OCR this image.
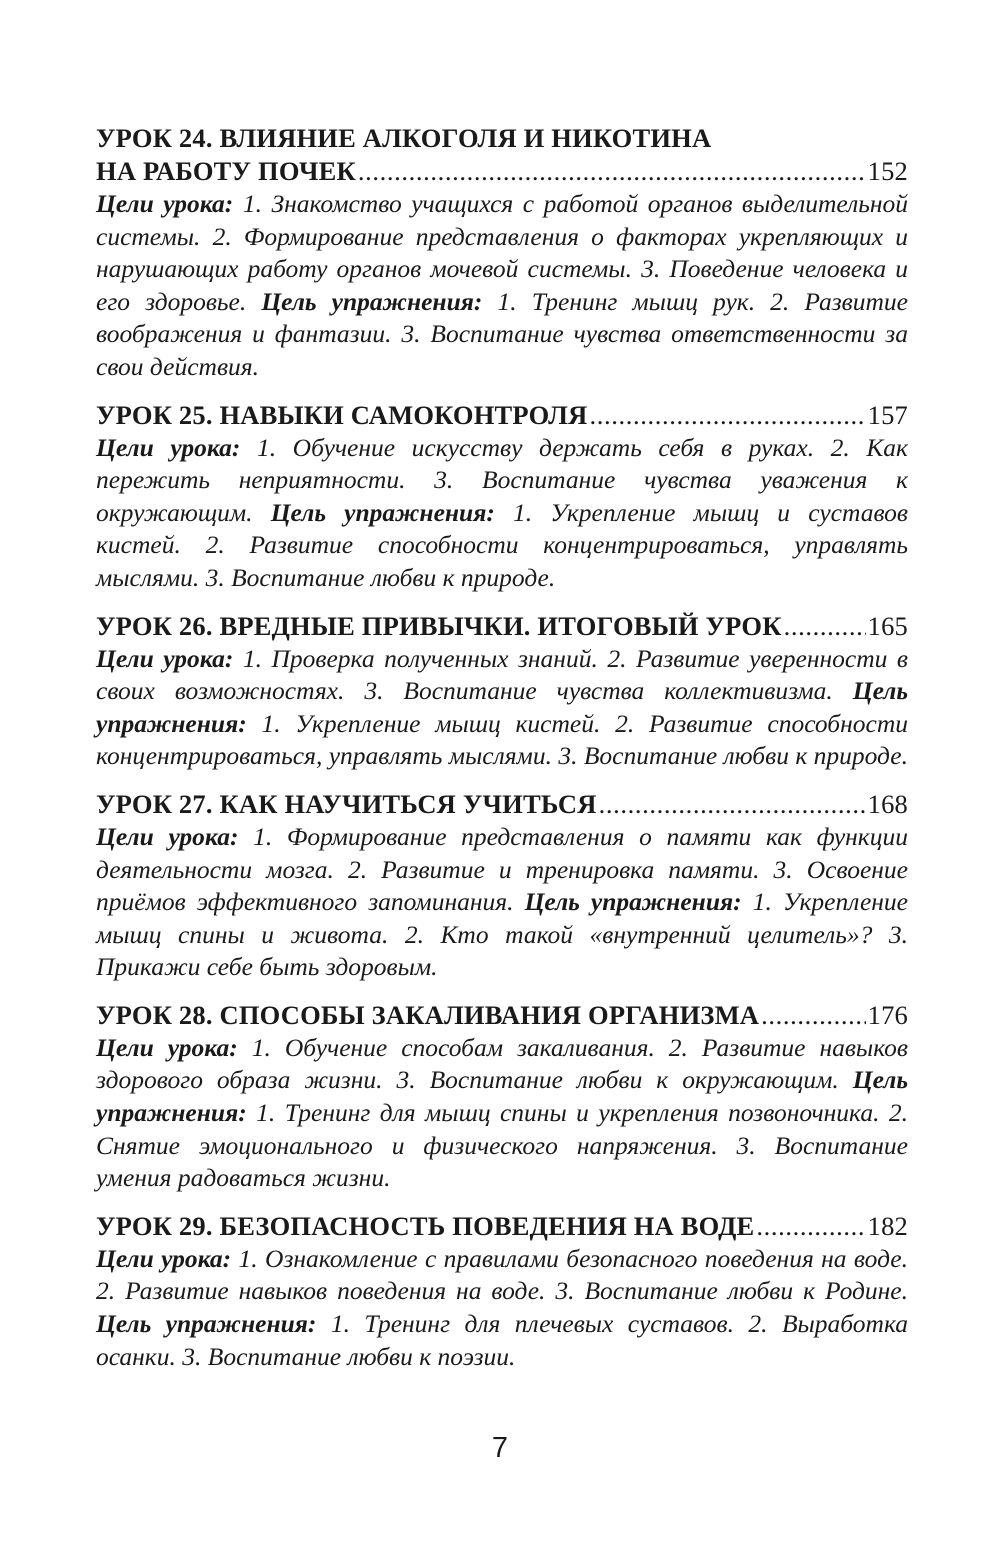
УРОК 24. ВЛИЯНИЕ АЛКОГОЛЯ И НИКОТИНА
НА РАБОТУ ПОЧЕК . . .	152
Цели урока: 1. Знакомство учащихся с работой органов выделительной системы. 2. Формирование представления о факторах укрепляющих и нарушающих работу органов мочевой системы. 3. Поведение человека и его здоровье. Цель упражнения: 1. Тренинг мышц рук. 2. Развитие воображения и фантазии. 3. Воспитание чувства ответственности за свои действия.
УРОК 25. НАВЫКИ САМОКОНТРОЛЯ . . .	157
Цели урока: 1. Обучение искусству держать себя в руках. 2. Как пережить неприятности. 3. Воспитание чувства уважения к окружающим. Цель упражнения: 1. Укрепление мышц и суставов кистей. 2. Развитие способности концентрироваться, управлять мыслями. 3. Воспитание любви к природе.
УРОК 26. ВРЕДНЫЕ ПРИВЫЧКИ. ИТОГОВЫЙ УРОК . . .	165
Цели урока: 1. Проверка полученных знаний. 2. Развитие уверенности в своих возможностях. 3. Воспитание чувства коллективизма. Цель упражнения: 1. Укрепление мышц кистей. 2. Развитие способности концентрироваться, управлять мыслями. 3. Воспитание любви к природе.
УРОК 27. КАК НАУЧИТЬСЯ УЧИТЬСЯ . . .	168
Цели урока: 1. Формирование представления о памяти как функции деятельности мозга. 2. Развитие и тренировка памяти. 3. Освоение приёмов эффективного запоминания. Цель упражнения: 1. Укрепление мышц спины и живота. 2. Кто такой «внутренний целитель»? 3. Прикажи себе быть здоровым.
УРОК 28. СПОСОБЫ ЗАКАЛИВАНИЯ ОРГАНИЗМА . . .	176
Цели урока: 1. Обучение способам закаливания. 2. Развитие навыков здорового образа жизни. 3. Воспитание любви к окружающим. Цель упражнения: 1. Тренинг для мышц спины и укрепления позвоночника. 2. Снятие эмоционального и физического напряжения. 3. Воспитание умения радоваться жизни.
УРОК 29. БЕЗОПАСНОСТЬ ПОВЕДЕНИЯ НА ВОДЕ . . .	182
Цели урока: 1. Ознакомление с правилами безопасного поведения на воде. 2. Развитие навыков поведения на воде. 3. Воспитание любви к Родине. Цель упражнения: 1. Тренинг для плечевых суставов. 2. Выработка осанки. 3. Воспитание любви к поэзии.
7
